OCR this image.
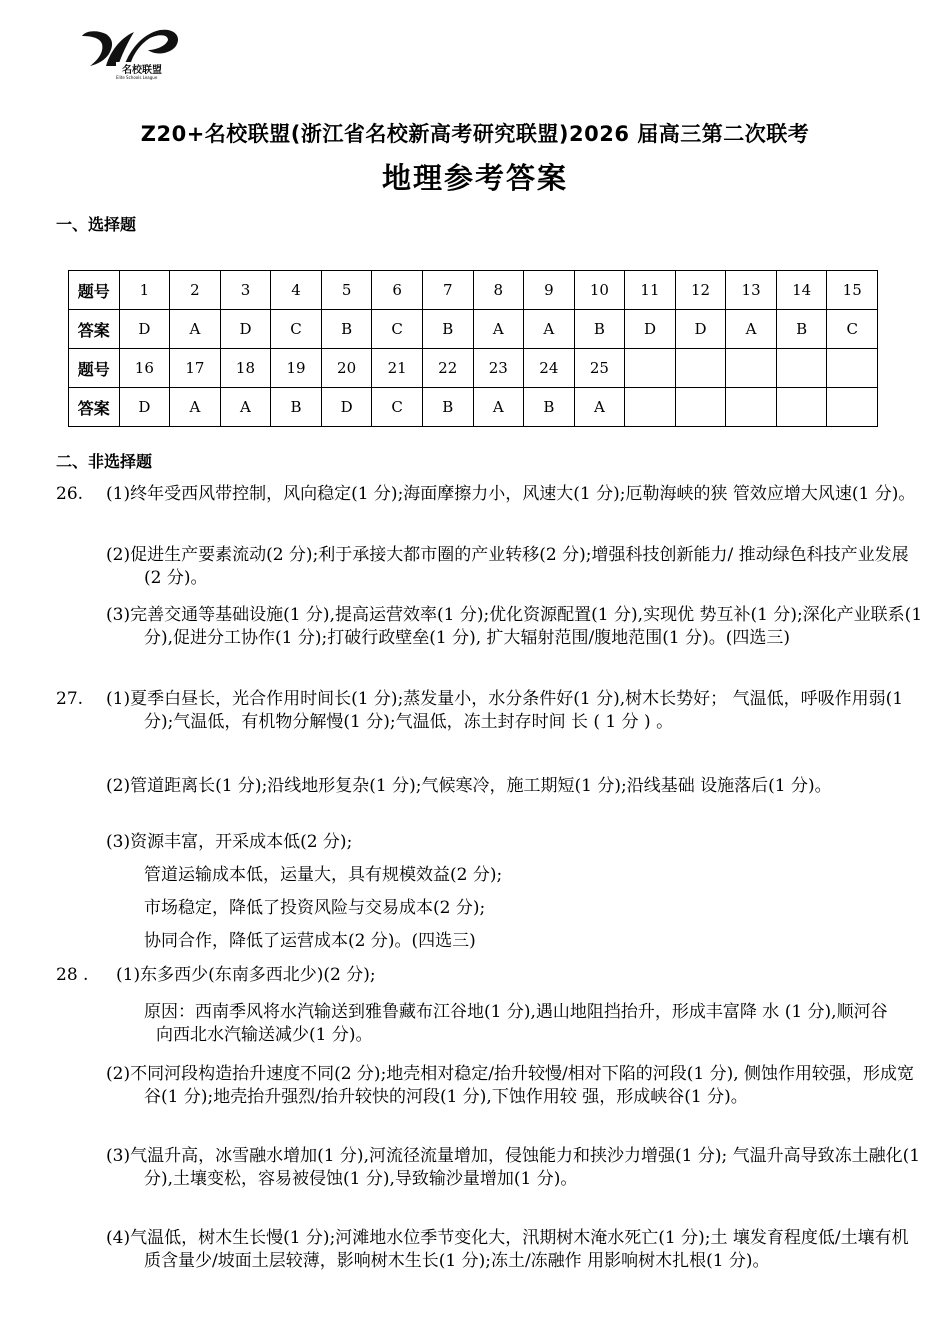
名校联盟
Elite Schools League
Z20+名校联盟(浙江省名校新高考研究联盟)2026 届高三第二次联考
地理参考答案
一、选择题
题号	1	2	3	4	5	6	7	8	9	10	11	12	13	14	15
答案	D	A	D	C	B	C	B	A	A	B	D	D	A	B	C
题号	16	17	18	19	20	21	22	23	24	25					
答案	D	A	A	B	D	C	B	A	B	A					
二、非选择题
26. (1)终年受西风带控制，风向稳定(1 分);海面摩擦力小，风速大(1 分);厄勒海峡的狭 管效应增大风速(1 分)。

(2)促进生产要素流动(2 分);利于承接大都市圈的产业转移(2 分);增强科技创新能力/ 推动绿色科技产业发展(2 分)。

(3)完善交通等基础设施(1 分),提高运营效率(1 分);优化资源配置(1 分),实现优 势互补(1 分);深化产业联系(1 分),促进分工协作(1 分);打破行政壁垒(1 分), 扩大辐射范围/腹地范围(1 分)。(四选三)

27. (1)夏季白昼长，光合作用时间长(1 分);蒸发量小，水分条件好(1 分),树木长势好； 气温低，呼吸作用弱(1 分);气温低，有机物分解慢(1 分);气温低，冻土封存时间 长 ( 1 分 ) 。

(2)管道距离长(1 分);沿线地形复杂(1 分);气候寒冷，施工期短(1 分);沿线基础 设施落后(1 分)。

(3)资源丰富，开采成本低(2 分);

管道运输成本低，运量大，具有规模效益(2 分);

市场稳定，降低了投资风险与交易成本(2 分);

协同合作，降低了运营成本(2 分)。(四选三)

28 . (1)东多西少(东南多西北少)(2 分);

原因：西南季风将水汽输送到雅鲁藏布江谷地(1 分),遇山地阻挡抬升，形成丰富降 水 (1 分),顺河谷向西北水汽输送减少(1 分)。

(2)不同河段构造抬升速度不同(2 分);地壳相对稳定/抬升较慢/相对下陷的河段(1 分), 侧蚀作用较强，形成宽谷(1 分);地壳抬升强烈/抬升较快的河段(1 分),下蚀作用较 强，形成峡谷(1 分)。

(3)气温升高，冰雪融水增加(1 分),河流径流量增加，侵蚀能力和挟沙力增强(1 分); 气温升高导致冻土融化(1 分),土壤变松，容易被侵蚀(1 分),导致输沙量增加(1 分)。

(4)气温低，树木生长慢(1 分);河滩地水位季节变化大，汛期树木淹水死亡(1 分);土 壤发育程度低/土壤有机质含量少/坡面土层较薄，影响树木生长(1 分);冻土/冻融作 用影响树木扎根(1 分)。
